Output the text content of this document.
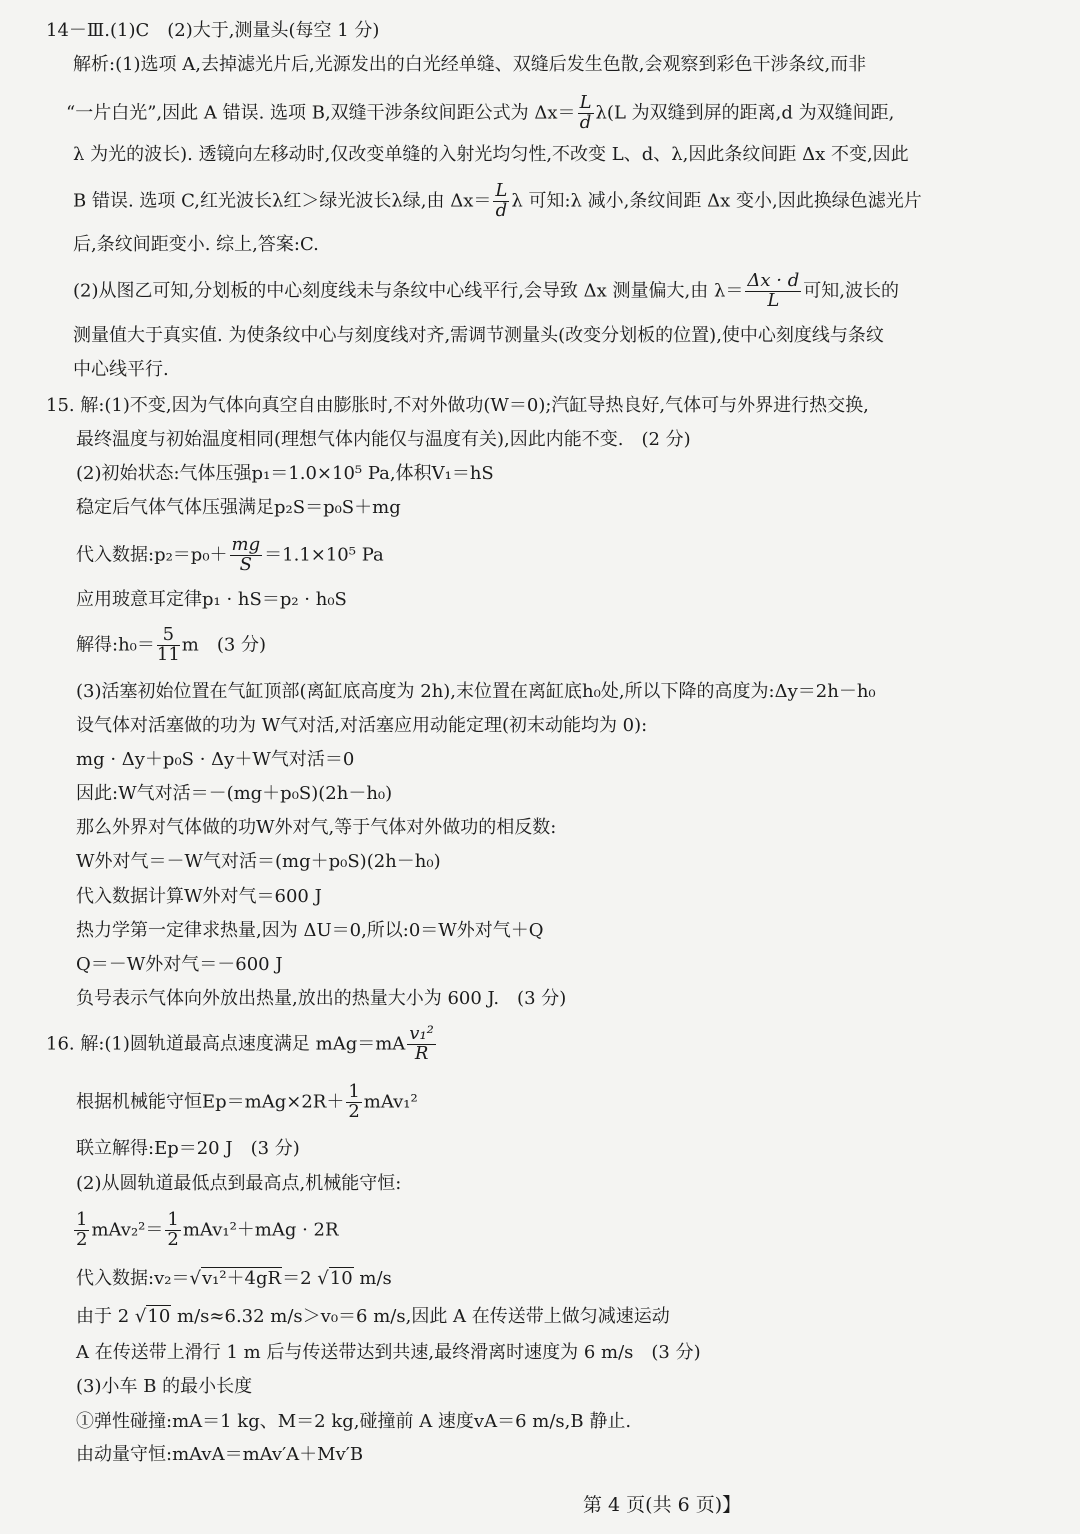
14－Ⅲ.(1)C　(2)大于,测量头(每空 1 分)
解析:(1)选项 A,去掉滤光片后,光源发出的白光经单缝、双缝后发生色散,会观察到彩色干涉条纹,而非
“一片白光”,因此 A 错误. 选项 B,双缝干涉条纹间距公式为 $\Delta x= \frac{L}{d} \lambda(L$ 为双缝到屏的距离,d 为双缝间距,
λ 为光的波长). 透镜向左移动时,仅改变单缝的入射光均匀性,不改变 L、d、λ,因此条纹间距 Δx 不变,因此
B 错误. 选项 C,红光波长λ红＞绿光波长λ绿,由 $\Delta x= \frac{L}{d}$ λ 可知:λ 减小,条纹间距 Δx 变小,因此换绿色滤光片
后,条纹间距变小. 综上,答案:C.
(2)从图乙可知,分划板的中心刻度线未与条纹中心线平行,会导致 Δx 测量偏大,由 $\lambda= \frac{\Delta x \cdot d}{L}$ 可知,波长的
测量值大于真实值. 为使条纹中心与刻度线对齐,需调节测量头(改变分划板的位置),使中心刻度线与条纹
中心线平行.
15. 解:(1)不变,因为气体向真空自由膨胀时,不对外做功(W＝0);汽缸导热良好,气体可与外界进行热交换,
最终温度与初始温度相同(理想气体内能仅与温度有关),因此内能不变.　(2 分)
(2)初始状态:气体压强p₁＝1.0×10⁵ Pa,体积V₁＝hS
稳定后气体气体压强满足p₂S＝p₀S＋mg
代入数据:p₂＝p₀＋ $\frac{mg}{S} =1.1\times 10^5$ Pa
应用玻意耳定律p₁ · hS＝p₂ · h₀S
解得:h₀＝ $\frac{5}{11}$ m　(3 分)
(3)活塞初始位置在气缸顶部(离缸底高度为 2h),末位置在离缸底h₀处,所以下降的高度为:Δy＝2h－h₀
设气体对活塞做的功为 W气对活,对活塞应用动能定理(初末动能均为 0):
mg · Δy＋p₀S · Δy＋W气对活＝0
因此:W气对活＝－(mg＋p₀S)(2h－h₀)
那么外界对气体做的功W外对气,等于气体对外做功的相反数:
W外对气＝－W气对活＝(mg＋p₀S)(2h－h₀)
代入数据计算W外对气＝600 J
热力学第一定律求热量,因为 ΔU＝0,所以:0＝W外对气＋Q
Q＝－W外对气＝－600 J
负号表示气体向外放出热量,放出的热量大小为 600 J.　(3 分)
16. 解:(1)圆轨道最高点速度满足 $mAg=mA \frac{\text{v₁²}}{R}$
根据机械能守恒$Ep=mAg\times 2R+ \frac{1}{2} mAv_1^2$
联立解得:Ep＝20 J　(3 分)
(2)从圆轨道最低点到最高点,机械能守恒:
$\frac{1}{2} mAv_2^2= \frac{1}{2} mAv_1^2+mAg \cdot 2R$
代入数据:v₂＝√v₁²＋4gR＝2 √10 m/s
由于 2 √10 m/s≈6.32 m/s＞v₀＝6 m/s,因此 A 在传送带上做匀减速运动
A 在传送带上滑行 1 m 后与传送带达到共速,最终滑离时速度为 6 m/s　(3 分)
(3)小车 B 的最小长度
①弹性碰撞:mA＝1 kg、M＝2 kg,碰撞前 A 速度vA＝6 m/s,B 静止.
由动量守恒:mAvA＝mAv′A＋Mv′B
第 4 页(共 6 页)】
